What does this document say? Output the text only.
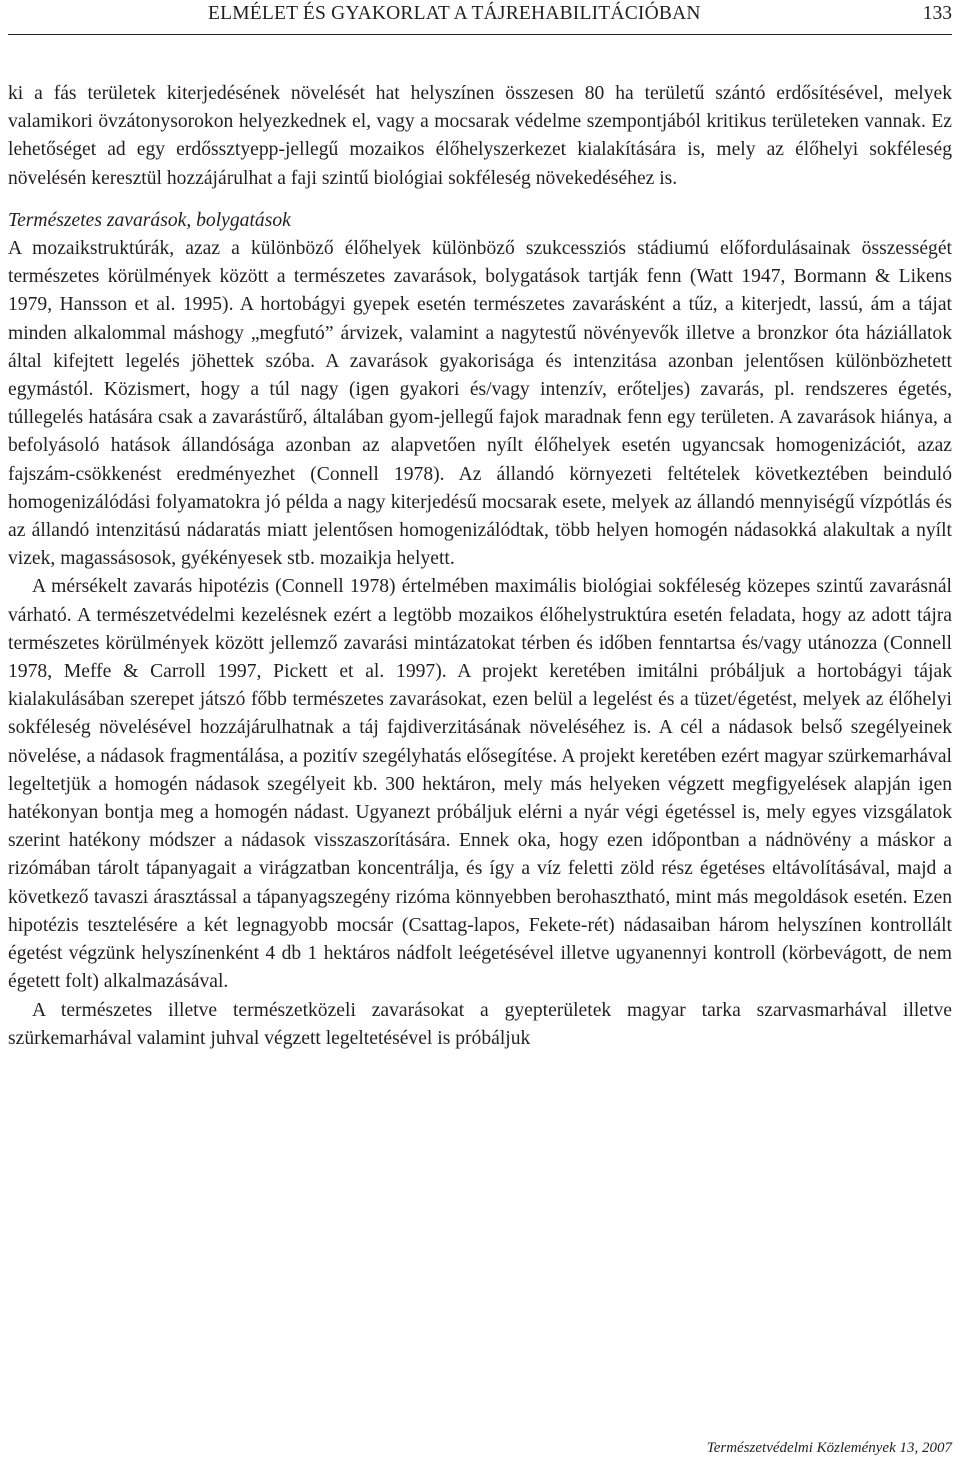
ELMÉLET ÉS GYAKORLAT A TÁJREHABILITÁCIÓBAN	133

ki a fás területek kiterjedésének növelését hat helyszínen összesen 80 ha területű szántó erdősítésével, melyek valamikori övzátonysorokon helyezkednek el, vagy a mocsarak védelme szempontjából kritikus területeken vannak. Ez lehetőséget ad egy erdőssztyepp-jellegű mozaikos élőhelyszerkezet kialakítására is, mely az élőhelyi sokféleség növelésén keresztül hozzájárulhat a faji szintű biológiai sokféleség növekedéséhez is.

Természetes zavarások, bolygatások

A mozaikstruktúrák, azaz a különböző élőhelyek különböző szukcessziós stádiumú előfordulásainak összességét természetes körülmények között a természetes zavarások, bolygatások tartják fenn (Watt 1947, Bormann & Likens 1979, Hansson et al. 1995). A hortobágyi gyepek esetén természetes zavarásként a tűz, a kiterjedt, lassú, ám a tájat minden alkalommal máshogy „megfutó” árvizek, valamint a nagytestű növényevők illetve a bronzkor óta háziállatok által kifejtett legelés jöhettek szóba. A zavarások gyakorisága és intenzitása azonban jelentősen különbözhetett egymástól. Közismert, hogy a túl nagy (igen gyakori és/vagy intenzív, erőteljes) zavarás, pl. rendszeres égetés, túllegelés hatására csak a zavarástűrő, általában gyom-jellegű fajok maradnak fenn egy területen. A zavarások hiánya, a befolyásoló hatások állandósága azonban az alapvetően nyílt élőhelyek esetén ugyancsak homogenizációt, azaz fajszám-csökkenést eredményezhet (Connell 1978). Az állandó környezeti feltételek következtében beinduló homogenizálódási folyamatokra jó példa a nagy kiterjedésű mocsarak esete, melyek az állandó mennyiségű vízpótlás és az állandó intenzitású nádaratás miatt jelentősen homogenizálódtak, több helyen homogén nádasokká alakultak a nyílt vizek, magassásosok, gyékényesek stb. mozaikja helyett.

A mérsékelt zavarás hipotézis (Connell 1978) értelmében maximális biológiai sokféleség közepes szintű zavarásnál várható. A természetvédelmi kezelésnek ezért a legtöbb mozaikos élőhelystruktúra esetén feladata, hogy az adott tájra természetes körülmények között jellemző zavarási mintázatokat térben és időben fenntartsa és/vagy utánozza (Connell 1978, Meffe & Carroll 1997, Pickett et al. 1997). A projekt keretében imitálni próbáljuk a hortobágyi tájak kialakulásában szerepet játszó főbb természetes zavarásokat, ezen belül a legelést és a tüzet/égetést, melyek az élőhelyi sokféleség növelésével hozzájárulhatnak a táj fajdiverzitásának növeléséhez is. A cél a nádasok belső szegélyeinek növelése, a nádasok fragmentálása, a pozitív szegélyhatás elősegítése. A projekt keretében ezért magyar szürkemarhával legeltetjük a homogén nádasok szegélyeit kb. 300 hektáron, mely más helyeken végzett megfigyelések alapján igen hatékonyan bontja meg a homogén nádast. Ugyanezt próbáljuk elérni a nyár végi égetéssel is, mely egyes vizsgálatok szerint hatékony módszer a nádasok visszaszorítására. Ennek oka, hogy ezen időpontban a nádnövény a máskor a rizómában tárolt tápanyagait a virágzatban koncentrálja, és így a víz feletti zöld rész égetéses eltávolításával, majd a következő tavaszi árasztással a tápanyagszegény rizóma könnyebben berohasztható, mint más megoldások esetén. Ezen hipotézis tesztelésére a két legnagyobb mocsár (Csattag-lapos, Fekete-rét) nádasaiban három helyszínen kontrollált égetést végzünk helyszínenként 4 db 1 hektáros nádfolt leégetésével illetve ugyanennyi kontroll (körbevágott, de nem égetett folt) alkalmazásával.

A természetes illetve természetközeli zavarásokat a gyepterületek magyar tarka szarvasmarhával illetve szürkemarhával valamint juhval végzett legeltetésével is próbáljuk

Természetvédelmi Közlemények 13, 2007
